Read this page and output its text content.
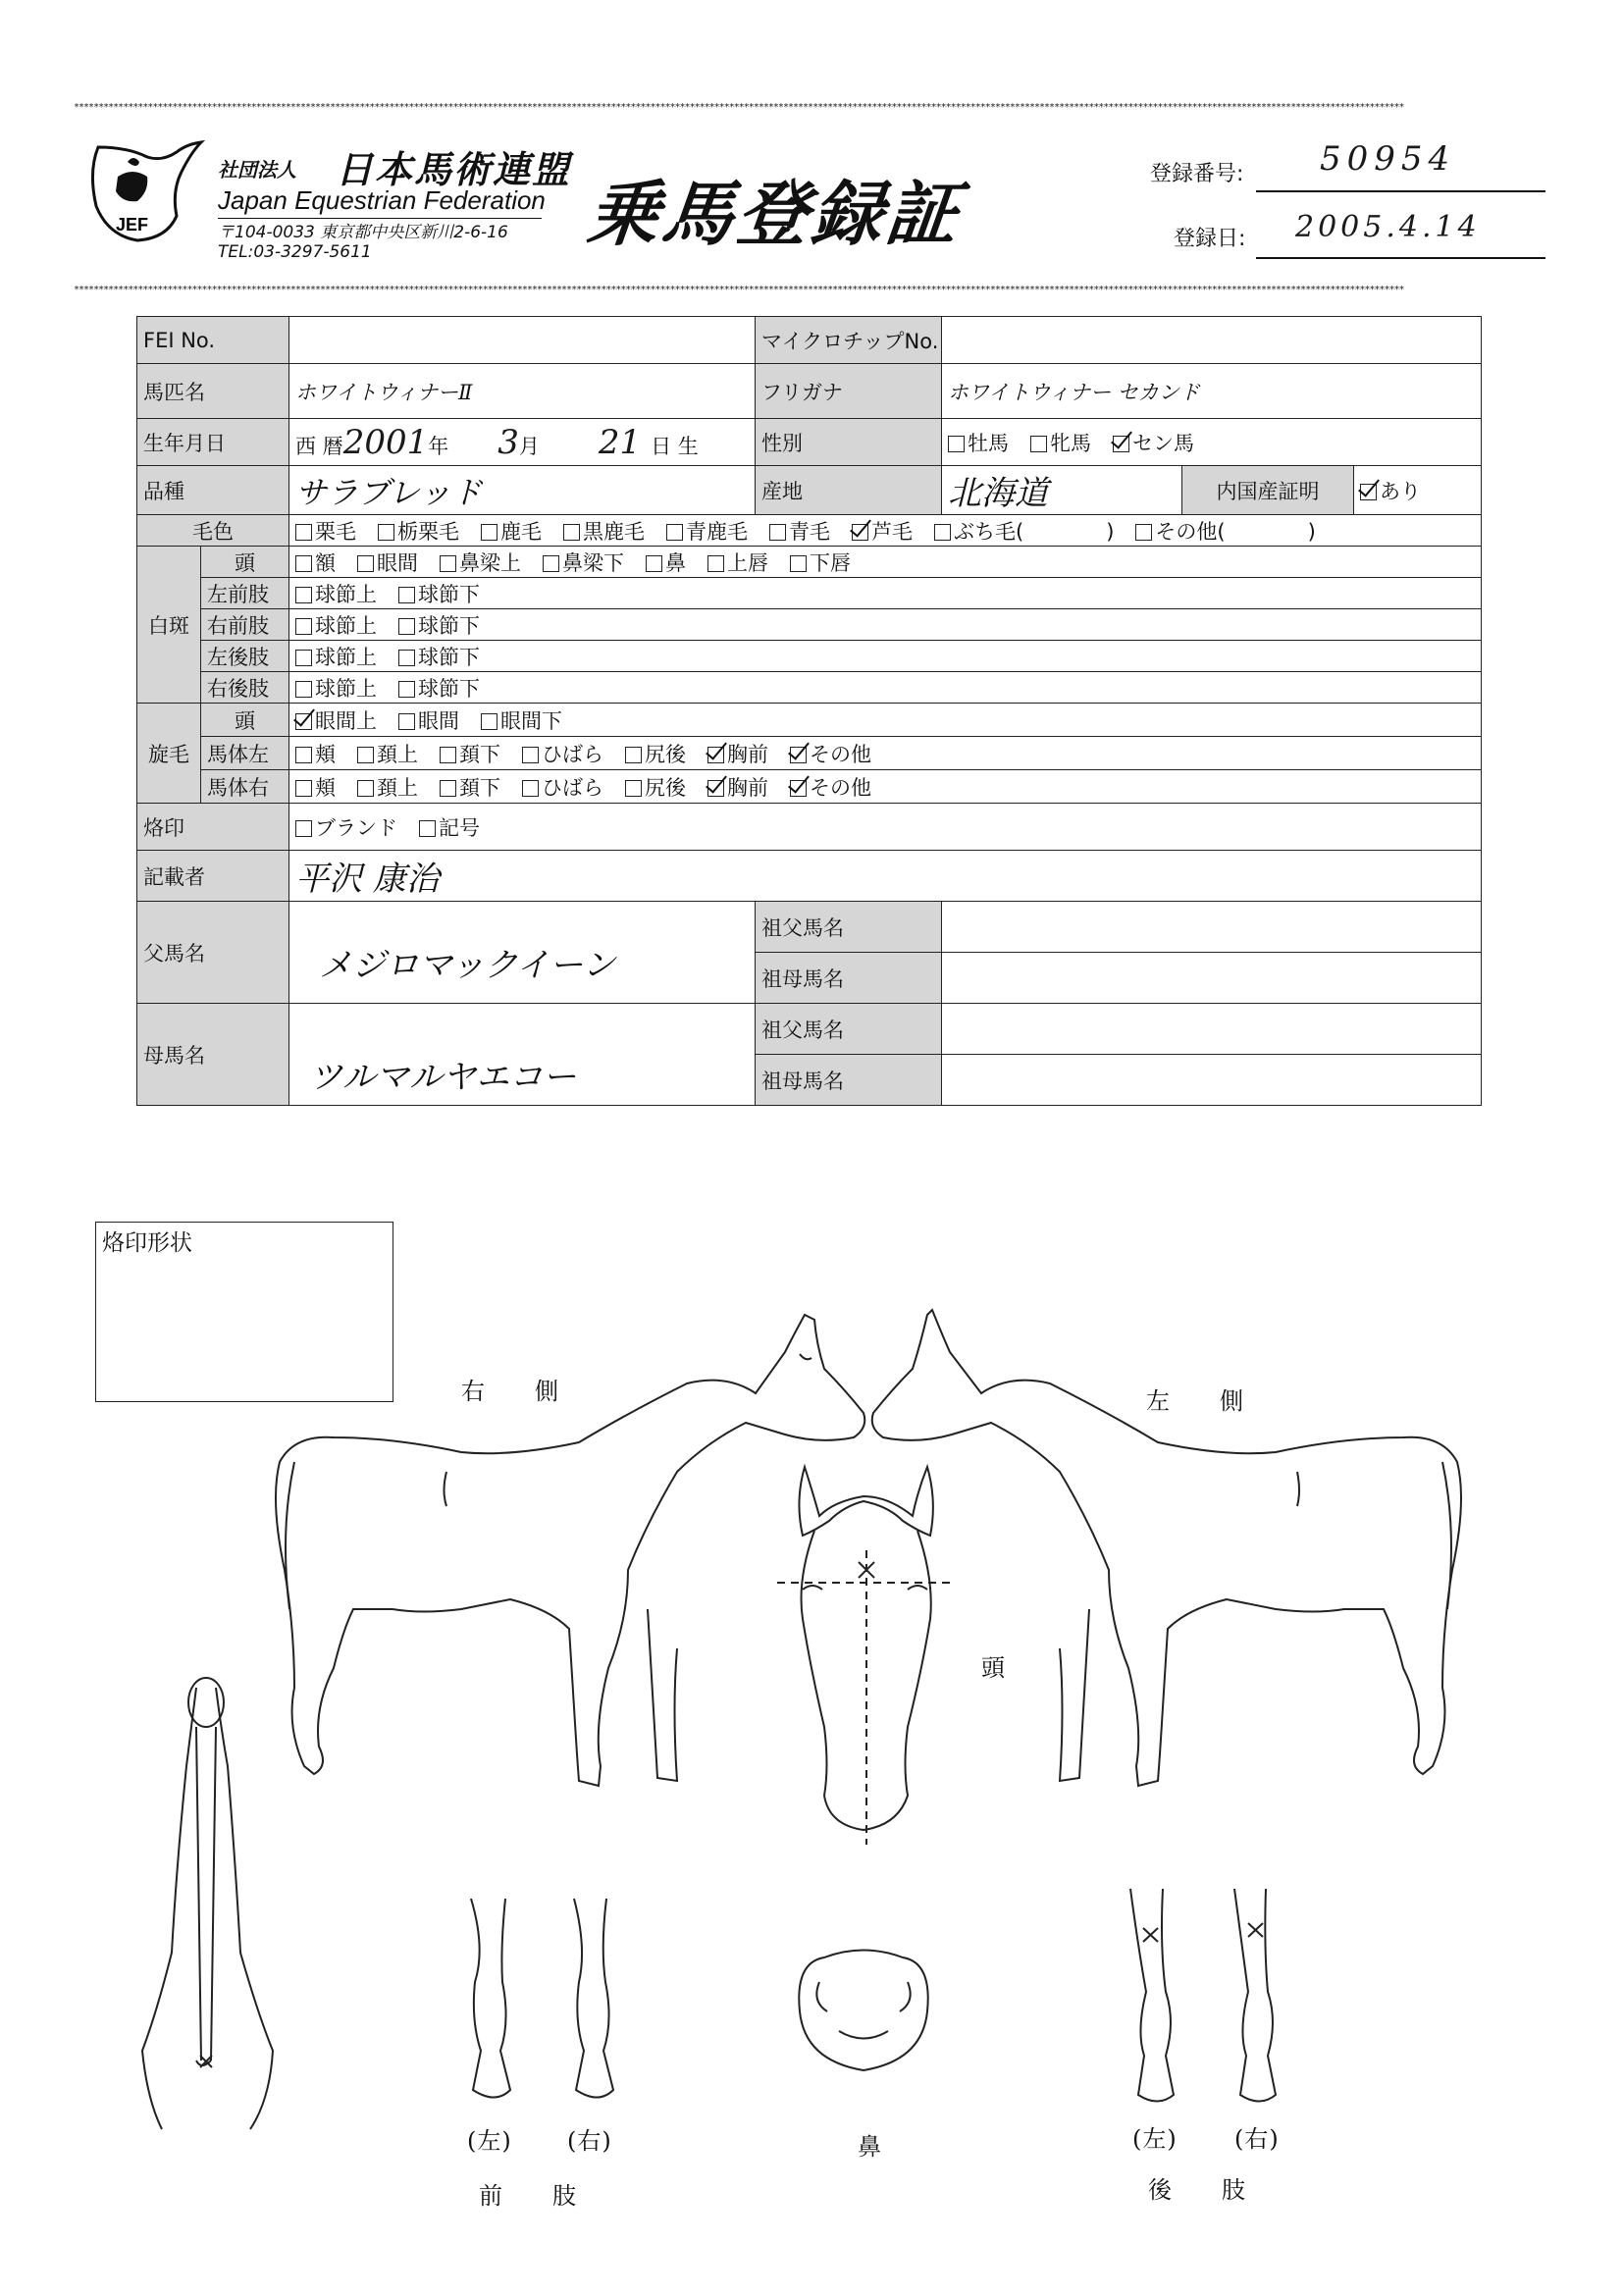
******************************************************************************************************************************************************************************************************************************************************************************
******************************************************************************************************************************************************************************************************************************************************************************
JEF
社団法人 日本馬術連盟
Japan Equestrian Federation
〒104-0033 東京都中央区新川2-6-16
TEL:03-3297-5611	乗馬登録証	登録番号: 50954
登録日: 2005.4.14
FEI No.			マイクロチップNo.			
馬匹名		ホワイトウィナーⅡ	フリガナ	ホワイトウィナー セカンド		
生年月日		西 暦2001年 3月 21 日 生	性別	牡馬 牝馬 セン馬		
品種		サラブレッド	産地	北海道	内国産証明	あり
毛色		栗毛 栃栗毛 鹿毛 黒鹿毛 青鹿毛 青毛 芦毛 ぶち毛(　　　　) その他(　　　　)				
白斑	頭	額 眼間 鼻梁上 鼻梁下 鼻 上唇 下唇				
	左前肢	球節上 球節下				
	右前肢	球節上 球節下				
	左後肢	球節上 球節下				
	右後肢	球節上 球節下				
旋毛	頭	眼間上 眼間 眼間下				
	馬体左	頬 頚上 頚下 ひばら 尻後 胸前 その他				
	馬体右	頬 頚上 頚下 ひばら 尻後 胸前 その他				
烙印		ブランド 記号				
記載者		平沢 康治				
父馬名		メジロマックイーン	祖父馬名			
			祖母馬名			
母馬名		ツルマルヤエコー	祖父馬名			
			祖母馬名			
烙印形状
右　　側	左　　側
頭
鼻
(左) (右)
前　　肢
(左) (右)
後　　肢
